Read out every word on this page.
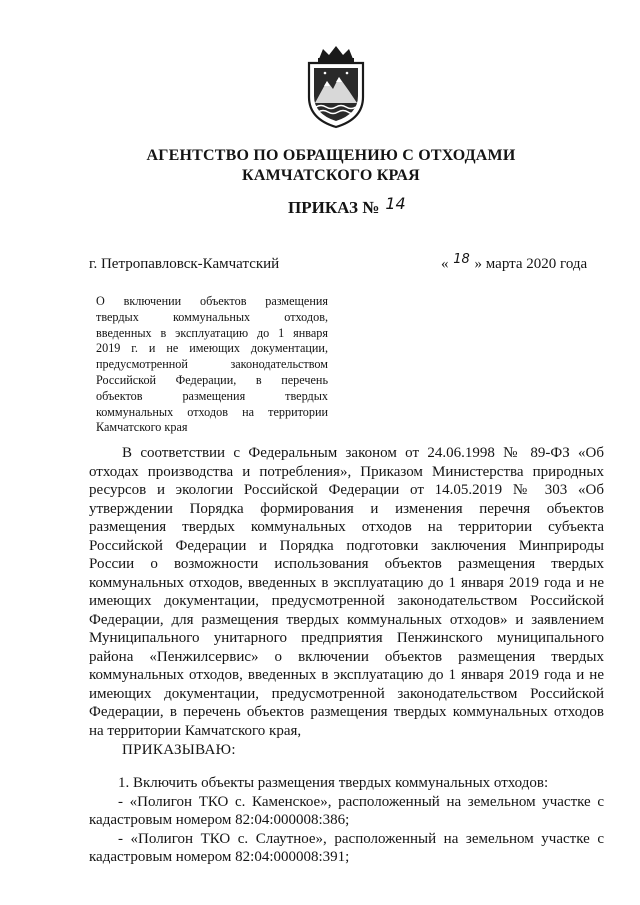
АГЕНТСТВО ПО ОБРАЩЕНИЮ С ОТХОДАМИ
КАМЧАТСКОГО КРАЯ
ПРИКАЗ № 14
г. Петропавловск-Камчатский	« 18 » марта 2020 года
О включении объектов размещения
твердых коммунальных отходов,
введенных в эксплуатацию до 1 января
2019 г. и не имеющих документации,
предусмотренной законодательством
Российской Федерации, в перечень
объектов размещения твердых
коммунальных отходов на территории
Камчатского края
В соответствии с Федеральным законом от 24.06.1998 № 89-ФЗ «Об
отходах производства и потребления», Приказом Министерства природных
ресурсов и экологии Российской Федерации от 14.05.2019 № 303 «Об
утверждении Порядка формирования и изменения перечня объектов
размещения твердых коммунальных отходов на территории субъекта
Российской Федерации и Порядка подготовки заключения Минприроды
России о возможности использования объектов размещения твердых
коммунальных отходов, введенных в эксплуатацию до 1 января 2019 года и не
имеющих документации, предусмотренной законодательством Российской
Федерации, для размещения твердых коммунальных отходов» и заявлением
Муниципального унитарного предприятия Пенжинского муниципального
района «Пенжилсервис» о включении объектов размещения твердых
коммунальных отходов, введенных в эксплуатацию до 1 января 2019 года и не
имеющих документации, предусмотренной законодательством Российской
Федерации, в перечень объектов размещения твердых коммунальных отходов
на территории Камчатского края,
ПРИКАЗЫВАЮ:
1. Включить объекты размещения твердых коммунальных отходов:
- «Полигон ТКО с. Каменское», расположенный на земельном участке с
кадастровым номером 82:04:000008:386;
- «Полигон ТКО с. Слаутное», расположенный на земельном участке с
кадастровым номером 82:04:000008:391;
